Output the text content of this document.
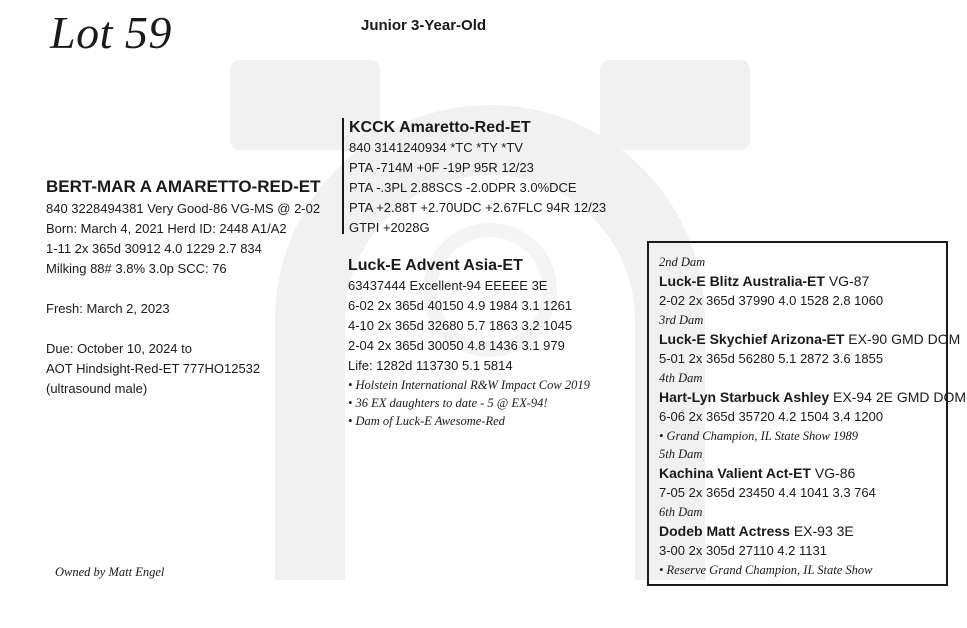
Lot 59	Junior 3-Year-Old
BERT-MAR A AMARETTO-RED-ET
840 3228494381 Very Good-86 VG-MS @ 2-02
Born: March 4, 2021 Herd ID: 2448 A1/A2
1-11 2x 365d 30912 4.0 1229 2.7 834
Milking 88# 3.8% 3.0p SCC: 76
Fresh: March 2, 2023
Due: October 10, 2024 to
AOT Hindsight-Red-ET 777HO12532
(ultrasound male)
KCCK Amaretto-Red-ET
840 3141240934 *TC *TY *TV
PTA -714M +0F -19P 95R 12/23
PTA -.3PL 2.88SCS -2.0DPR 3.0%DCE
PTA +2.88T +2.70UDC +2.67FLC 94R 12/23
GTPI +2028G
Luck-E Advent Asia-ET
63437444 Excellent-94 EEEEE 3E
6-02 2x 365d 40150 4.9 1984 3.1 1261
4-10 2x 365d 32680 5.7 1863 3.2 1045
2-04 2x 365d 30050 4.8 1436 3.1 979
Life: 1282d 113730 5.1 5814
• Holstein International R&W Impact Cow 2019
• 36 EX daughters to date - 5 @ EX-94!
• Dam of Luck-E Awesome-Red
2nd Dam
Luck-E Blitz Australia-ET VG-87
2-02 2x 365d 37990 4.0 1528 2.8 1060
3rd Dam
Luck-E Skychief Arizona-ET EX-90 GMD DOM
5-01 2x 365d 56280 5.1 2872 3.6 1855
4th Dam
Hart-Lyn Starbuck Ashley EX-94 2E GMD DOM
6-06 2x 365d 35720 4.2 1504 3.4 1200
• Grand Champion, IL State Show 1989
5th Dam
Kachina Valient Act-ET VG-86
7-05 2x 365d 23450 4.4 1041 3.3 764
6th Dam
Dodeb Matt Actress EX-93 3E
3-00 2x 305d 27110 4.2 1131
• Reserve Grand Champion, IL State Show
Owned by Matt Engel
